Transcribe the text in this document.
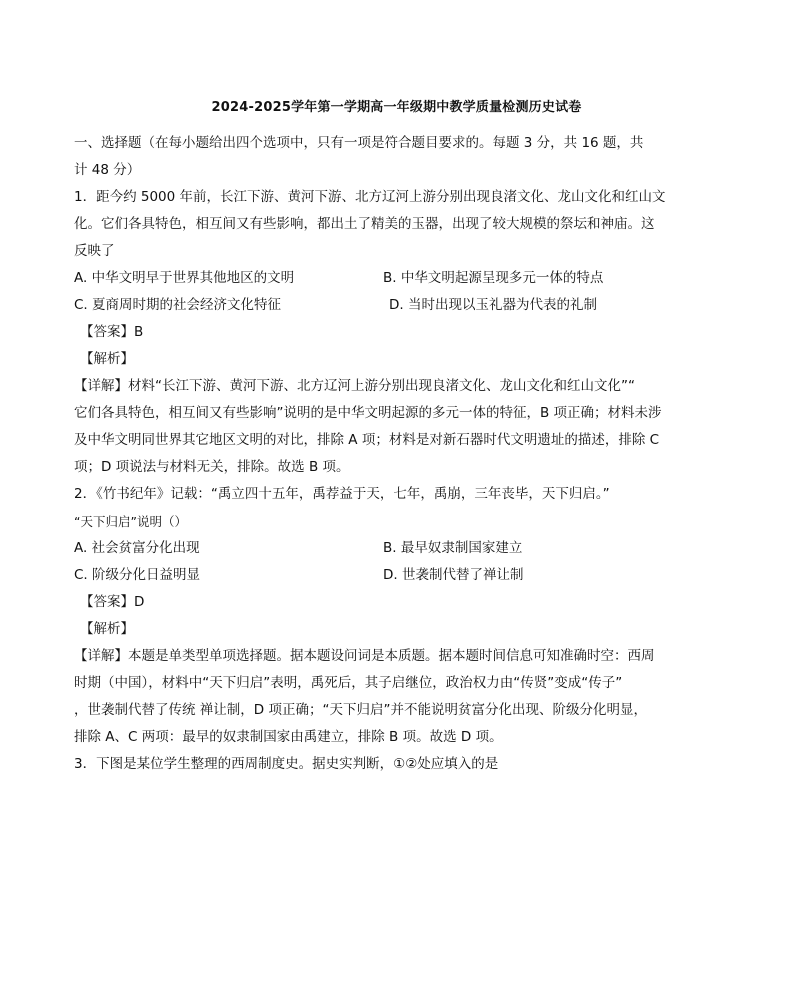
2024-2025学年第一学期高一年级期中教学质量检测历史试卷

一、选择题（在每小题给出四个选项中，只有一项是符合题目要求的。每题 3 分，共 16 题，共

计 48 分）

1．距今约 5000 年前，长江下游、黄河下游、北方辽河上游分别出现良渚文化、龙山文化和红山文

化。它们各具特色，相互间又有些影响，都出土了精美的玉器，出现了较大规模的祭坛和神庙。这

反映了

A. 中华文明早于世界其他地区的文明	B. 中华文明起源呈现多元一体的特点
C. 夏商周时期的社会经济文化特征	D. 当时出现以玉礼器为代表的礼制

【答案】B

【解析】

【详解】材料“长江下游、黄河下游、北方辽河上游分别出现良渚文化、龙山文化和红山文化”“

它们各具特色，相互间又有些影响”说明的是中华文明起源的多元一体的特征，B 项正确；材料未涉

及中华文明同世界其它地区文明的对比，排除 A 项；材料是对新石器时代文明遗址的描述，排除 C

项；D 项说法与材料无关，排除。故选 B 项。

2．《竹书纪年》记载：“禹立四十五年，禹荐益于天，七年，禹崩，三年丧毕，天下归启。”

“天下归启”说明（）

A. 社会贫富分化出现	B. 最早奴隶制国家建立
C. 阶级分化日益明显	D. 世袭制代替了禅让制

【答案】D

【解析】

【详解】本题是单类型单项选择题。据本题设问词是本质题。据本题时间信息可知准确时空：西周

时期（中国），材料中“天下归启”表明，禹死后，其子启继位，政治权力由“传贤”变成“传子”

，世袭制代替了传统 禅让制，D 项正确；“天下归启”并不能说明贫富分化出现、阶级分化明显，

排除 A、C 两项：最早的奴隶制国家由禹建立，排除 B 项。故选 D 项。

3．下图是某位学生整理的西周制度史。据史实判断，①②处应填入的是
